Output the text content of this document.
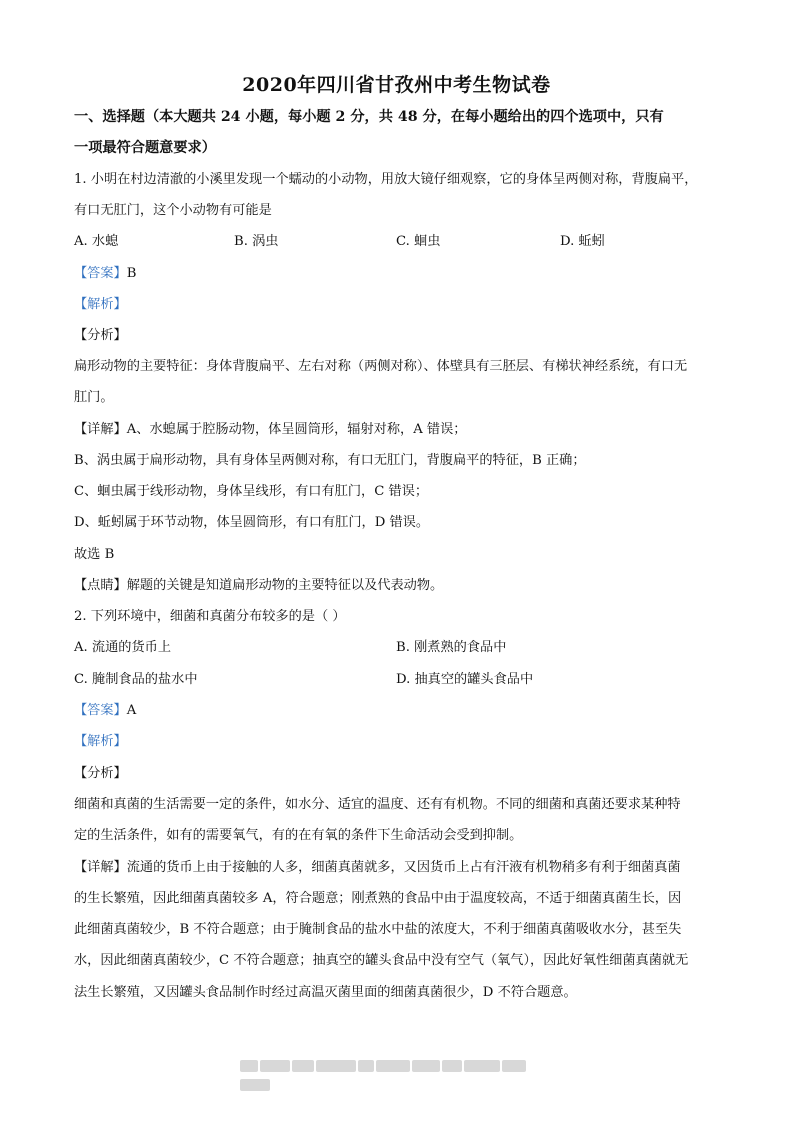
2020年四川省甘孜州中考生物试卷
一、选择题（本大题共 24 小题，每小题 2 分，共 48 分，在每小题给出的四个选项中，只有
一项最符合题意要求）
1. 小明在村边清澈的小溪里发现一个蠕动的小动物，用放大镜仔细观察，它的身体呈两侧对称，背腹扁平，
有口无肛门，这个小动物有可能是
A. 水螅	B. 涡虫	C. 蛔虫	D. 蚯蚓
【答案】B
【解析】
【分析】
扁形动物的主要特征：身体背腹扁平、左右对称（两侧对称）、体壁具有三胚层、有梯状神经系统，有口无
肛门。
【详解】A、水螅属于腔肠动物，体呈圆筒形，辐射对称，A 错误；
B、涡虫属于扁形动物，具有身体呈两侧对称，有口无肛门，背腹扁平的特征，B 正确；
C、蛔虫属于线形动物，身体呈线形，有口有肛门，C 错误；
D、蚯蚓属于环节动物，体呈圆筒形，有口有肛门，D 错误。
故选 B
【点睛】解题的关键是知道扁形动物的主要特征以及代表动物。
2. 下列环境中，细菌和真菌分布较多的是（ ）
A. 流通的货币上	B. 刚煮熟的食品中
C. 腌制食品的盐水中	D. 抽真空的罐头食品中
【答案】A
【解析】
【分析】
细菌和真菌的生活需要一定的条件，如水分、适宜的温度、还有有机物。不同的细菌和真菌还要求某种特
定的生活条件，如有的需要氧气，有的在有氧的条件下生命活动会受到抑制。
【详解】流通的货币上由于接触的人多，细菌真菌就多，又因货币上占有汗液有机物稍多有利于细菌真菌
的生长繁殖，因此细菌真菌较多 A，符合题意；刚煮熟的食品中由于温度较高，不适于细菌真菌生长，因
此细菌真菌较少，B 不符合题意；由于腌制食品的盐水中盐的浓度大，不利于细菌真菌吸收水分，甚至失
水，因此细菌真菌较少，C 不符合题意；抽真空的罐头食品中没有空气（氧气），因此好氧性细菌真菌就无
法生长繁殖，又因罐头食品制作时经过高温灭菌里面的细菌真菌很少，D 不符合题意。
